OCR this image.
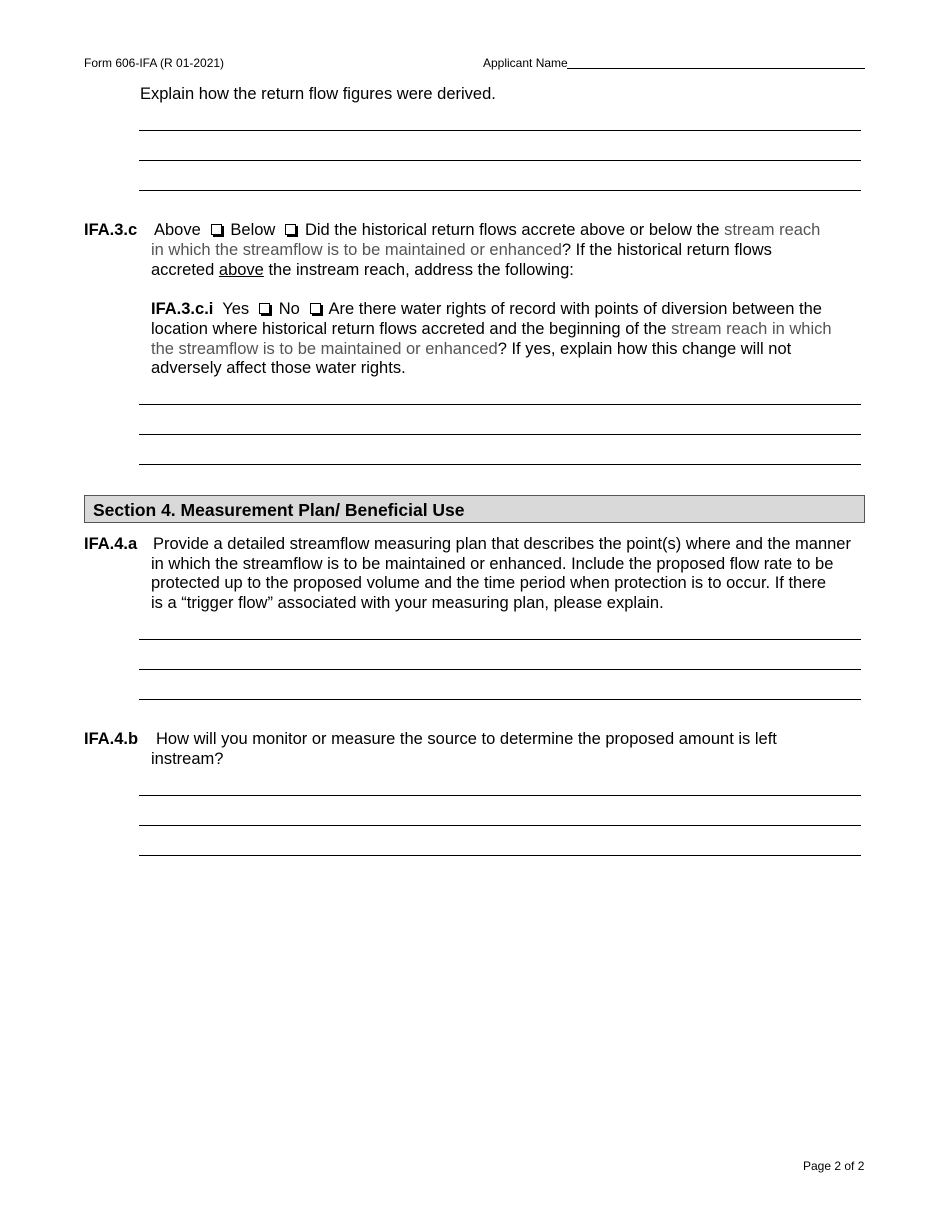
Form 606-IFA (R 01-2021)	Applicant Name
Explain how the return flow figures were derived.
IFA.3.c Above Below Did the historical return flows accrete above or below the stream reach
in which the streamflow is to be maintained or enhanced? If the historical return flows
accreted above the instream reach, address the following:
IFA.3.c.i Yes No Are there water rights of record with points of diversion between the
location where historical return flows accreted and the beginning of the stream reach in which
the streamflow is to be maintained or enhanced? If yes, explain how this change will not
adversely affect those water rights.
Section 4. Measurement Plan/ Beneficial Use
IFA.4.a Provide a detailed streamflow measuring plan that describes the point(s) where and the manner
in which the streamflow is to be maintained or enhanced. Include the proposed flow rate to be
protected up to the proposed volume and the time period when protection is to occur. If there
is a “trigger flow” associated with your measuring plan, please explain.
IFA.4.b How will you monitor or measure the source to determine the proposed amount is left
instream?
Page 2 of 2
